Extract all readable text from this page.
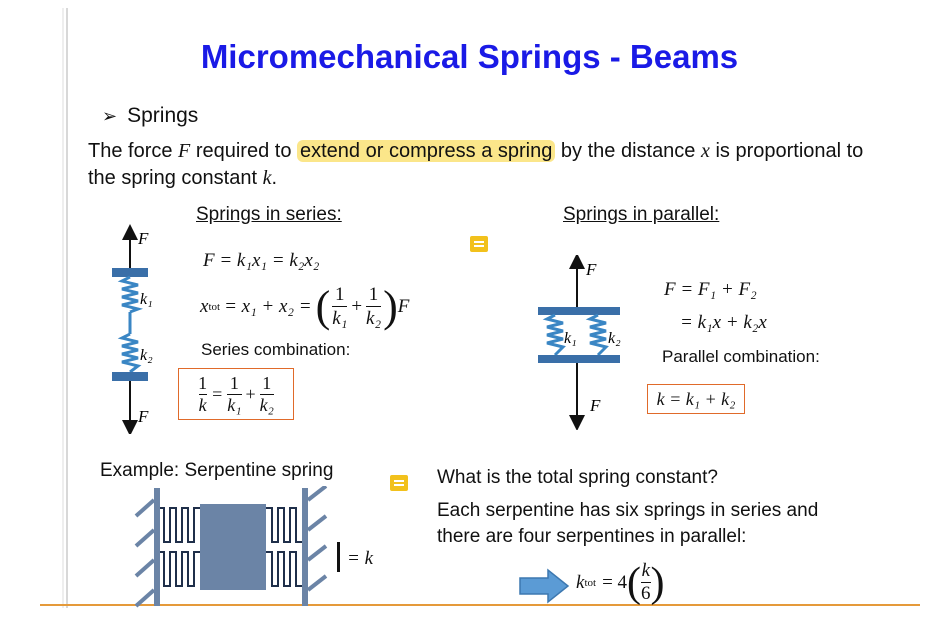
Micromechanical Springs - Beams
➢ Springs
The force F required to extend or compress a spring by the distance x is proportional to the spring constant k.
Springs in series:	Springs in parallel:
F
k₁
k₂
F
F = k₁x₁ = k₂x₂
x tot = x₁ + x₂ = ( $\frac{1}{\text{k₁}} + \frac{1}{\text{k₂}}$ ) F
Series combination:
$\frac{1}{k} = \frac{1}{\text{k₁}} + \frac{1}{\text{k₂}}$
F
k₁ k₂
F
F = F₁ + F₂
= k₁x + k₂x
Parallel combination:
k = k₁ + k₂
Example: Serpentine spring
= k
What is the total spring constant?
Each serpentine has six springs in series and there are four serpentines in parallel:
k tot = 4 ( $\frac{k}{6}$ )
